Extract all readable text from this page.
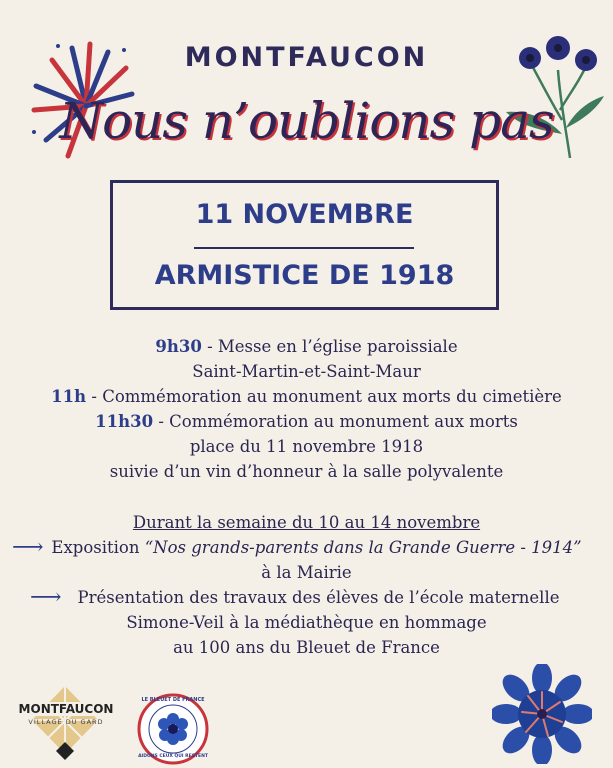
MONTFAUCON
Nous n’oublions pas
11 NOVEMBRE
ARMISTICE DE 1918
9h30 - Messe en l’église paroissiale
Saint-Martin-et-Saint-Maur
11h - Commémoration au monument aux morts du cimetière
11h30 - Commémoration au monument aux morts
place du 11 novembre 1918
suivie d’un vin d’honneur à la salle polyvalente
Durant la semaine du 10 au 14 novembre
⟶ Exposition “Nos grands-parents dans la Grande Guerre - 1914”
à la Mairie
⟶ Présentation des travaux des élèves de l’école maternelle
Simone-Veil à la médiathèque en hommage
au 100 ans du Bleuet de France
MONTFAUCON
VILLAGE DU GARD
LE BLEUET DE FRANCE
AIDONS CEUX QUI RESTENT
